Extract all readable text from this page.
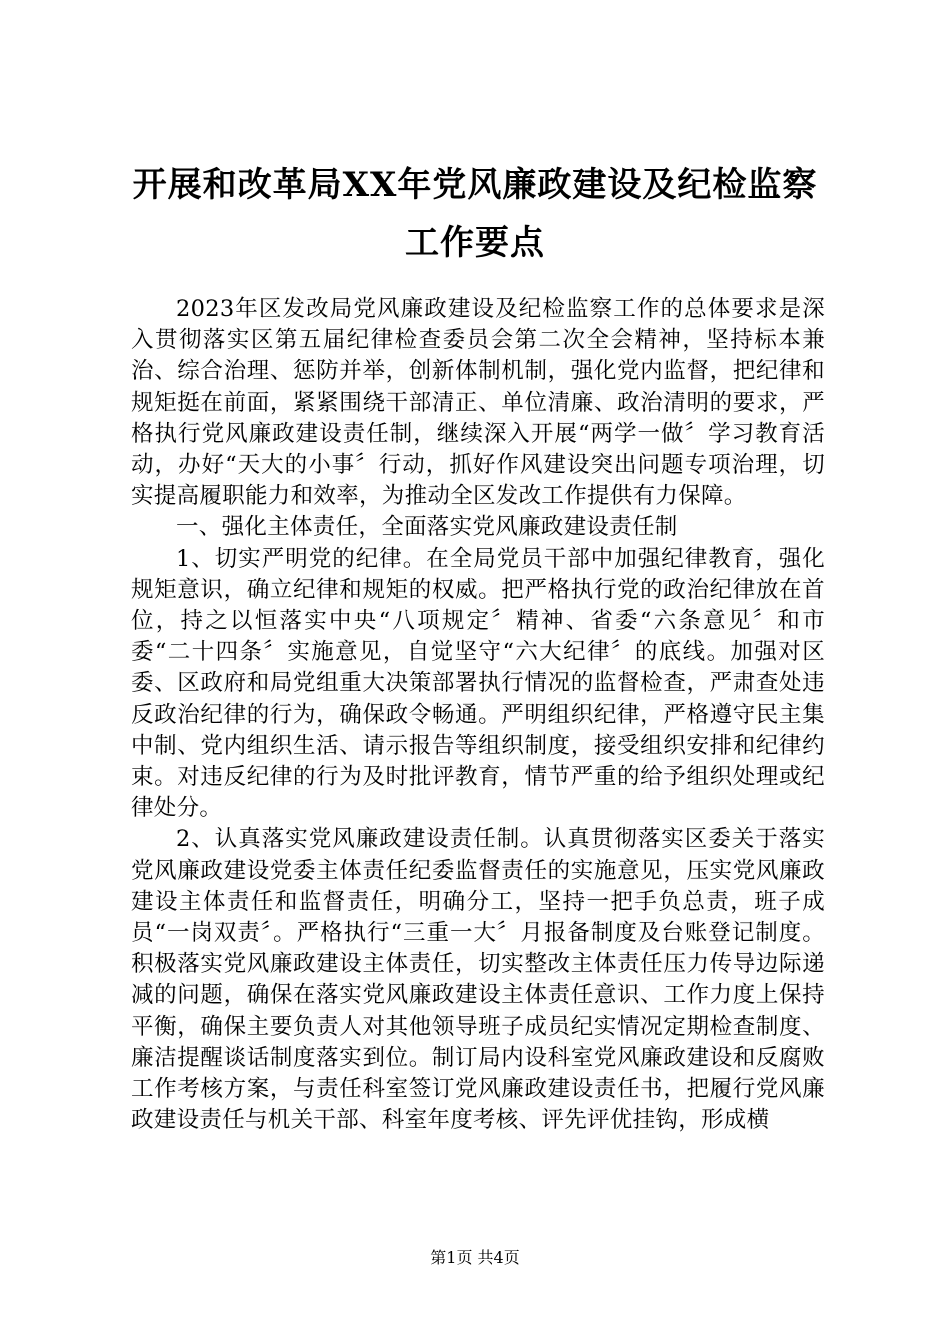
开展和改革局XX年党风廉政建设及纪检监察工作要点

2023年区发改局党风廉政建设及纪检监察工作的总体要求是深入贯彻落实区第五届纪律检查委员会第二次全会精神，坚持标本兼治、综合治理、惩防并举，创新体制机制，强化党内监督，把纪律和规矩挺在前面，紧紧围绕干部清正、单位清廉、政治清明的要求，严格执行党风廉政建设责任制，继续深入开展“两学一做〞学习教育活动，办好“天大的小事〞行动，抓好作风建设突出问题专项治理，切实提高履职能力和效率，为推动全区发改工作提供有力保障。

一、强化主体责任，全面落实党风廉政建设责任制

1、切实严明党的纪律。在全局党员干部中加强纪律教育，强化规矩意识，确立纪律和规矩的权威。把严格执行党的政治纪律放在首位，持之以恒落实中央“八项规定〞精神、省委“六条意见〞和市委“二十四条〞实施意见，自觉坚守“六大纪律〞的底线。加强对区委、区政府和局党组重大决策部署执行情况的监督检查，严肃查处违反政治纪律的行为，确保政令畅通。严明组织纪律，严格遵守民主集中制、党内组织生活、请示报告等组织制度，接受组织安排和纪律约束。对违反纪律的行为及时批评教育，情节严重的给予组织处理或纪律处分。

2、认真落实党风廉政建设责任制。认真贯彻落实区委关于落实党风廉政建设党委主体责任纪委监督责任的实施意见，压实党风廉政建设主体责任和监督责任，明确分工，坚持一把手负总责，班子成员“一岗双责〞。严格执行“三重一大〞月报备制度及台账登记制度。积极落实党风廉政建设主体责任，切实整改主体责任压力传导边际递减的问题，确保在落实党风廉政建设主体责任意识、工作力度上保持平衡，确保主要负责人对其他领导班子成员纪实情况定期检查制度、廉洁提醒谈话制度落实到位。制订局内设科室党风廉政建设和反腐败工作考核方案，与责任科室签订党风廉政建设责任书，把履行党风廉政建设责任与机关干部、科室年度考核、评先评优挂钩，形成横

第1页 共4页
